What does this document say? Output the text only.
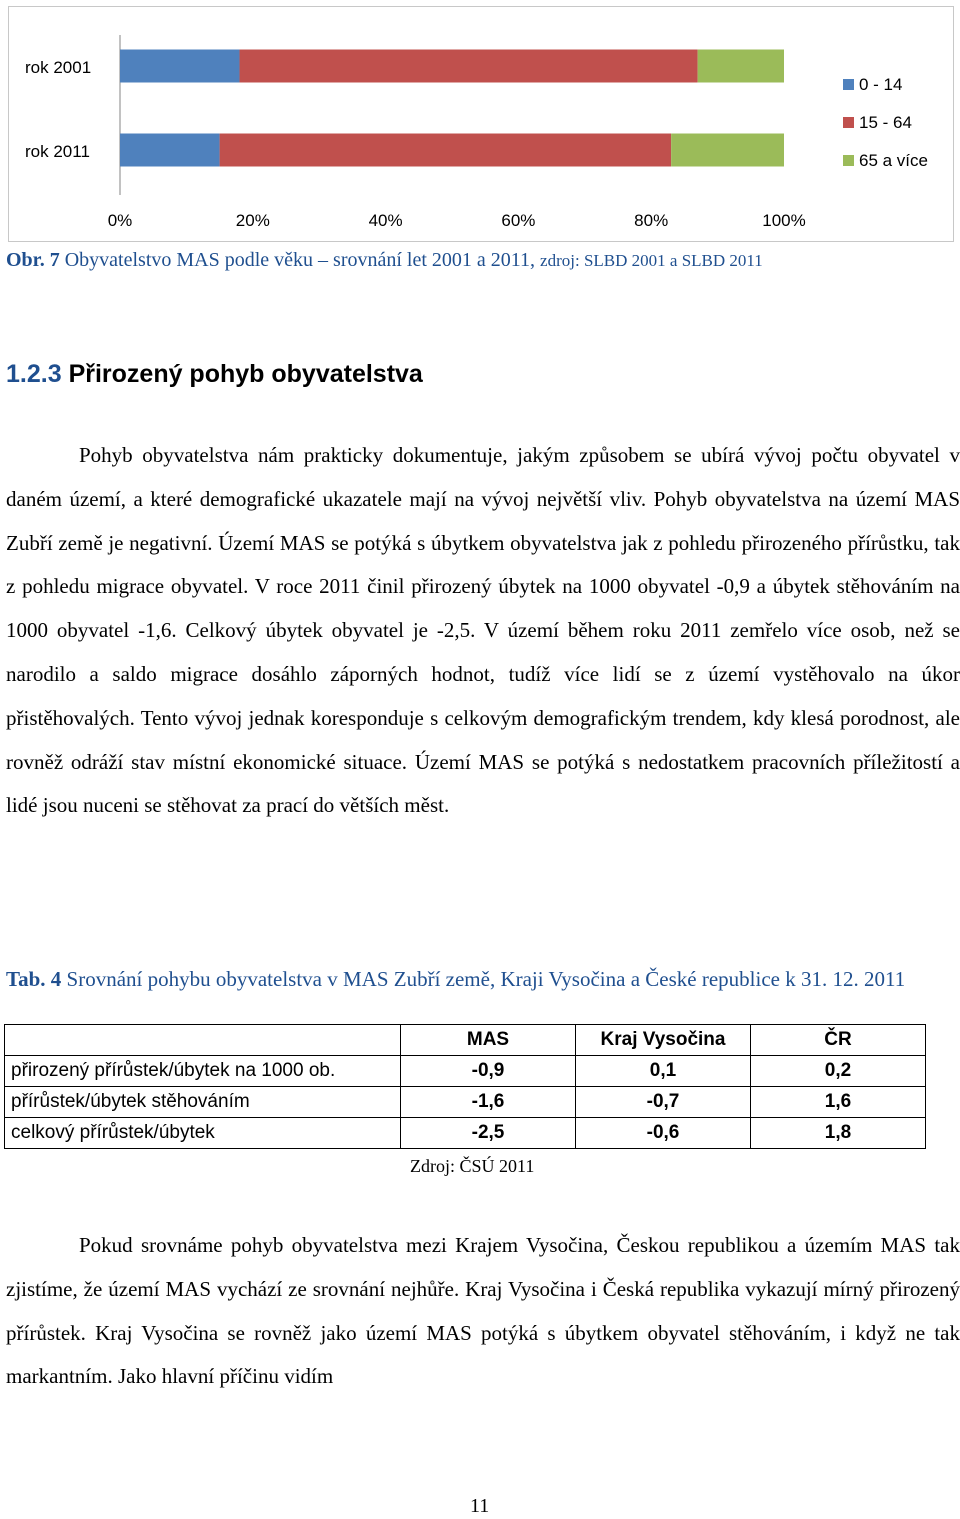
rok 2001
rok 2011
0%	20%	40%	60%	80%	100%
0 - 14
15 - 64
65 a více
Obr. 7 Obyvatelstvo MAS podle věku – srovnání let 2001 a 2011, zdroj: SLBD 2001 a SLBD 2011
1.2.3 Přirozený pohyb obyvatelstva
Pohyb obyvatelstva nám prakticky dokumentuje, jakým způsobem se ubírá vývoj počtu obyvatel v daném území, a které demografické ukazatele mají na vývoj největší vliv. Pohyb obyvatelstva na území MAS Zubří země je negativní. Území MAS se potýká s úbytkem obyvatelstva jak z pohledu přirozeného přírůstku, tak z pohledu migrace obyvatel. V roce 2011 činil přirozený úbytek na 1000 obyvatel -0,9 a úbytek stěhováním na 1000 obyvatel -1,6. Celkový úbytek obyvatel je -2,5. V území během roku 2011 zemřelo více osob, než se narodilo a saldo migrace dosáhlo záporných hodnot, tudíž více lidí se z území vystěhovalo na úkor přistěhovalých. Tento vývoj jednak koresponduje s celkovým demografickým trendem, kdy klesá porodnost, ale rovněž odráží stav místní ekonomické situace. Území MAS se potýká s nedostatkem pracovních příležitostí a lidé jsou nuceni se stěhovat za prací do větších měst.
Tab. 4 Srovnání pohybu obyvatelstva v MAS Zubří země, Kraji Vysočina a České republice k 31. 12. 2011
	MAS	Kraj Vysočina	ČR
přirozený přírůstek/úbytek na 1000 ob.	-0,9	0,1	0,2
přírůstek/úbytek stěhováním	-1,6	-0,7	1,6
celkový přírůstek/úbytek	-2,5	-0,6	1,8
Zdroj: ČSÚ 2011
Pokud srovnáme pohyb obyvatelstva mezi Krajem Vysočina, Českou republikou a územím MAS tak zjistíme, že území MAS vychází ze srovnání nejhůře. Kraj Vysočina i Česká republika vykazují mírný přirozený přírůstek. Kraj Vysočina se rovněž jako území MAS potýká s úbytkem obyvatel stěhováním, i když ne tak markantním. Jako hlavní příčinu vidím
11
